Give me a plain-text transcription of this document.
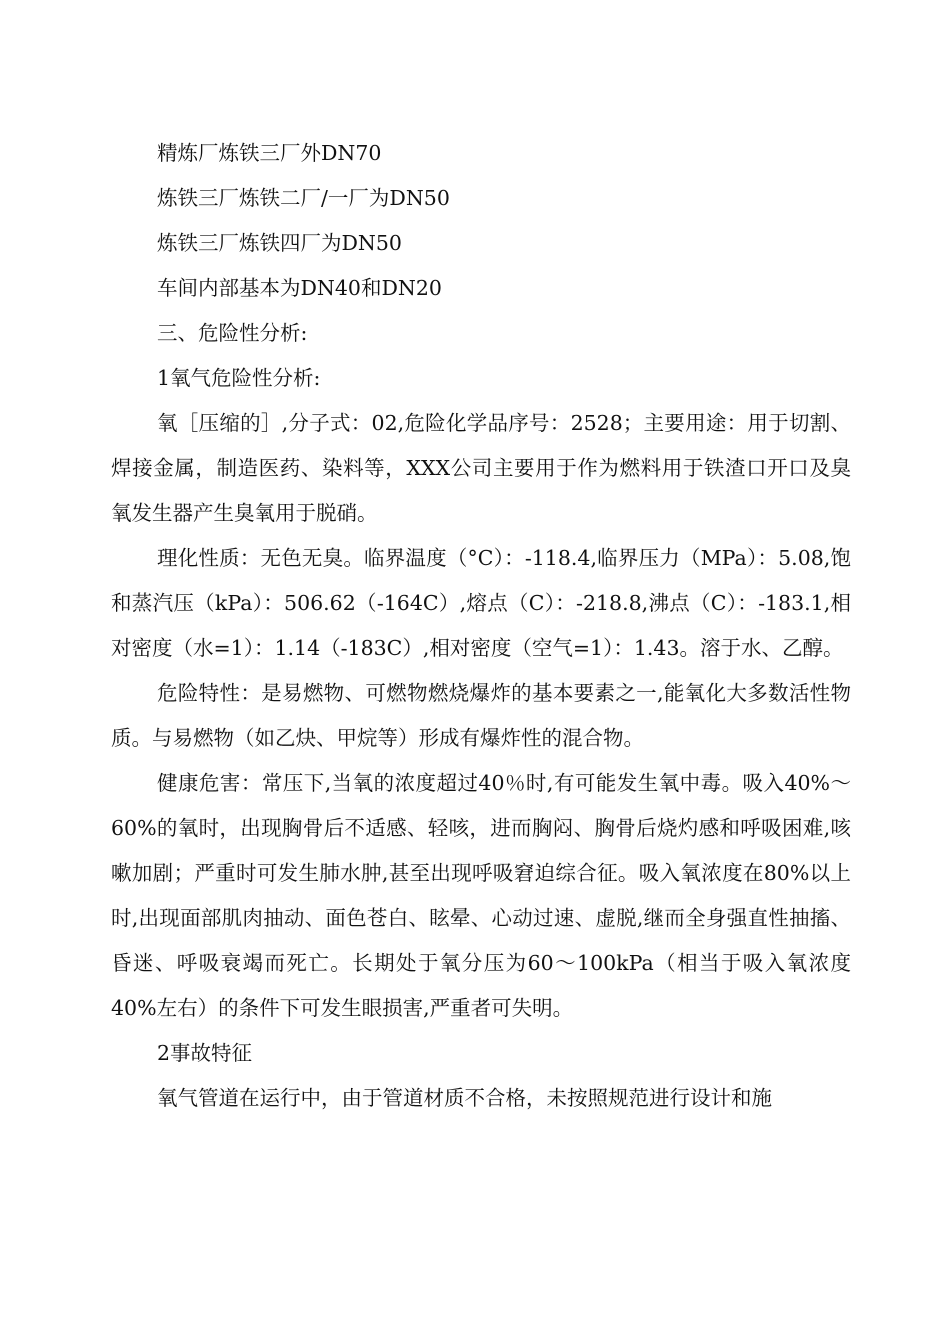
精炼厂炼铁三厂外DN70

炼铁三厂炼铁二厂/一厂为DN50

炼铁三厂炼铁四厂为DN50

车间内部基本为DN40和DN20

三、危险性分析:

1氧气危险性分析:

氧［压缩的］,分子式：02,危险化学品序号：2528；主要用途：用于切割、焊接金属，制造医药、染料等，XXX公司主要用于作为燃料用于铁渣口开口及臭氧发生器产生臭氧用于脱硝。

理化性质：无色无臭。临界温度（°C）：-118.4,临界压力（MPa）：5.08,饱和蒸汽压（kPa）：506.62（-164C）,熔点（C）：-218.8,沸点（C）：-183.1,相对密度（水=1）：1.14（-183C）,相对密度（空气=1）：1.43。溶于水、乙醇。

危险特性：是易燃物、可燃物燃烧爆炸的基本要素之一,能氧化大多数活性物质。与易燃物（如乙炔、甲烷等）形成有爆炸性的混合物。

健康危害：常压下,当氧的浓度超过40％时,有可能发生氧中毒。吸入40%〜60%的氧时，出现胸骨后不适感、轻咳，进而胸闷、胸骨后烧灼感和呼吸困难,咳嗽加剧；严重时可发生肺水肿,甚至出现呼吸窘迫综合征。吸入氧浓度在80%以上时,出现面部肌肉抽动、面色苍白、眩晕、心动过速、虚脱,继而全身强直性抽搐、昏迷、呼吸衰竭而死亡。长期处于氧分压为60〜100kPa（相当于吸入氧浓度40%左右）的条件下可发生眼损害,严重者可失明。

2事故特征

氧气管道在运行中，由于管道材质不合格，未按照规范进行设计和施
